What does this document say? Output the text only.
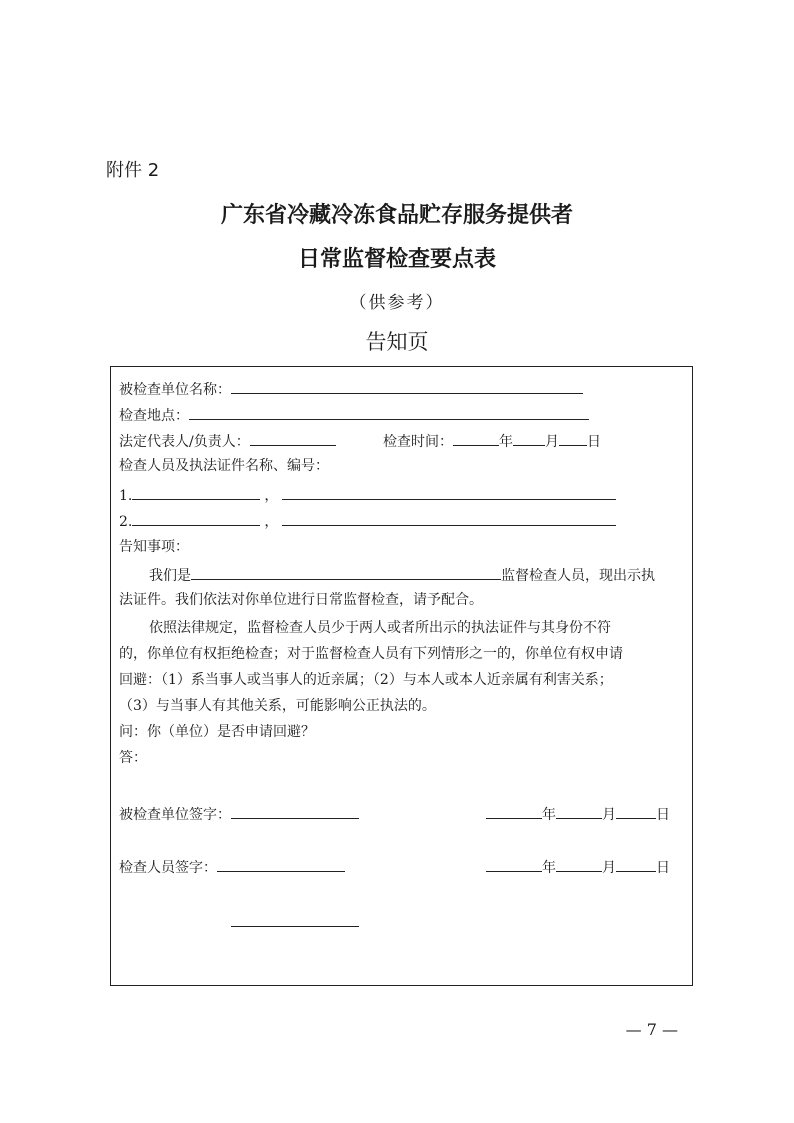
附件 2
广东省冷藏冷冻食品贮存服务提供者
日常监督检查要点表
（供参考）
告知页
被检查单位名称：
检查地点：
法定代表人/负责人：	检查时间：	年 月 日
检查人员及执法证件名称、编号：
1.	，
2.	，
告知事项：
我们是	监督检查人员，现出示执
法证件。我们依法对你单位进行日常监督检查，请予配合。
依照法律规定，监督检查人员少于两人或者所出示的执法证件与其身份不符
的，你单位有权拒绝检查；对于监督检查人员有下列情形之一的，你单位有权申请
回避：（1）系当事人或当事人的近亲属；（2）与本人或本人近亲属有利害关系；
（3）与当事人有其他关系，可能影响公正执法的。
问：你（单位）是否申请回避？
答：
被检查单位签字：	年	月	日
检查人员签字：	年	月	日
— 7 —
